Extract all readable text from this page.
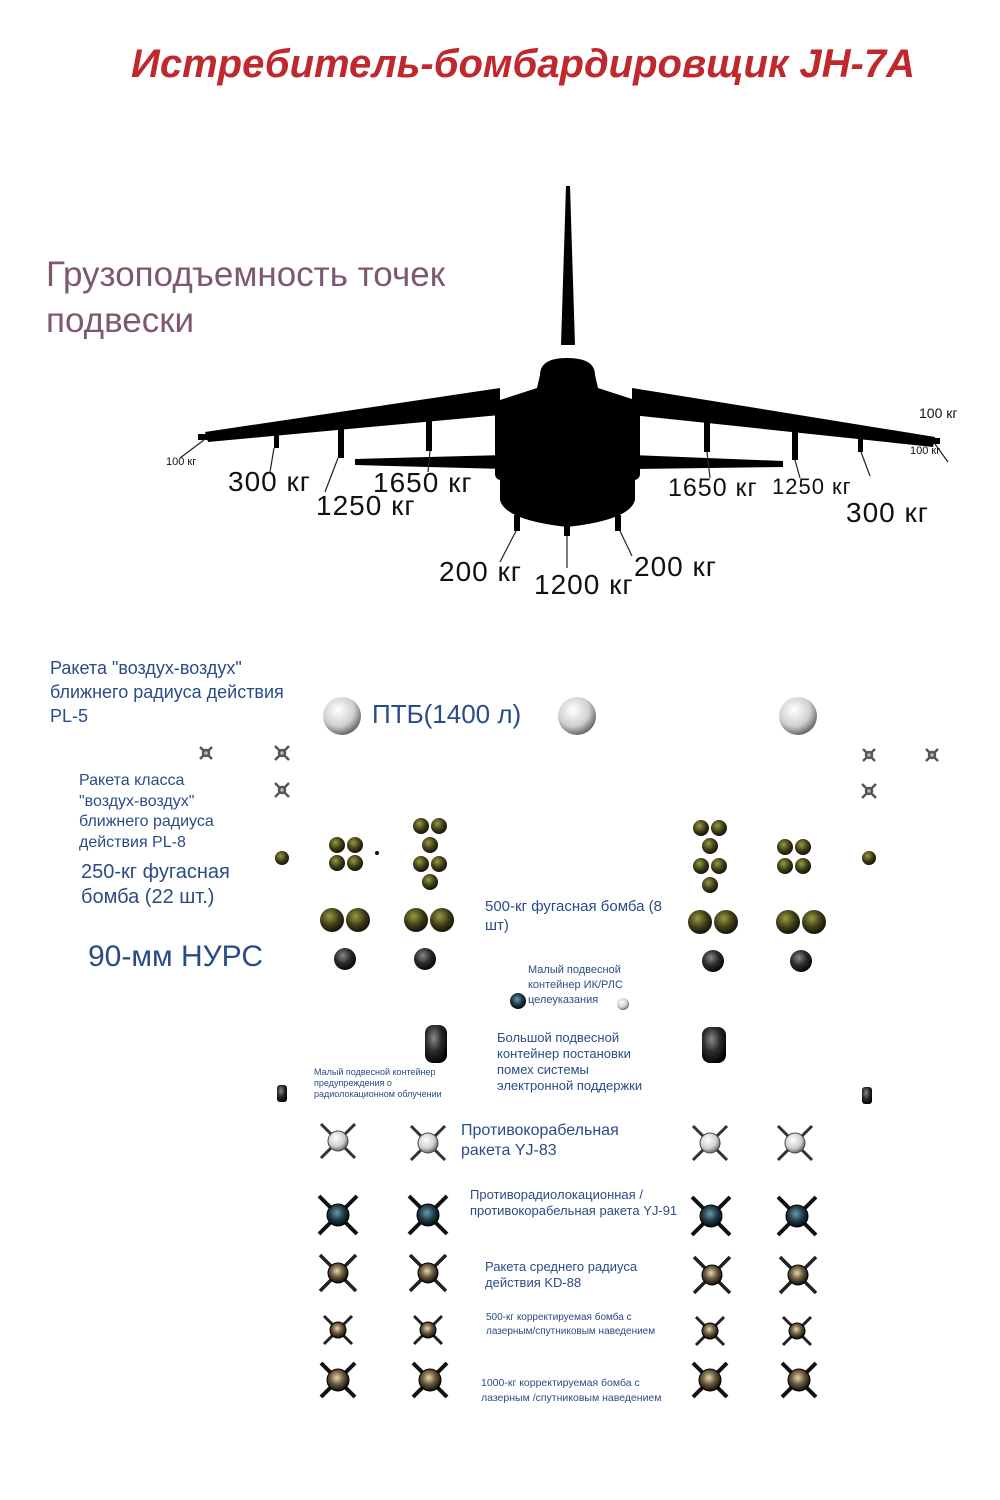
Истребитель-бомбардировщик JH-7A
Грузоподъемность точек подвески
100 кг
300 кг
1250 кг
1650 кг
200 кг 1200 кг
200 кг
1650 кг 1250 кг
300 кг
100 кг
100 кг
Ракета "воздух-воздух" ближнего радиуса действия PL-5	ПТБ(1400 л)
Ракета класса "воздух-воздух" ближнего радиуса действия PL-8
250-кг фугасная бомба (22 шт.)	500-кг фугасная бомба (8 шт)
90-мм НУРС	Малый подвесной контейнер ИК/РЛС целеуказания
Большой подвесной контейнер постановки помех системы электронной поддержки
Малый подвесной контейнер предупреждения о радиолокационном облучении
Противокорабельная ракета YJ-83
Противорадиолокационная / противокорабельная ракета YJ-91
Ракета среднего радиуса действия KD-88
500-кг корректируемая бомба с лазерным/спутниковым наведением
1000-кг корректируемая бомба с лазерным /спутниковым наведением
